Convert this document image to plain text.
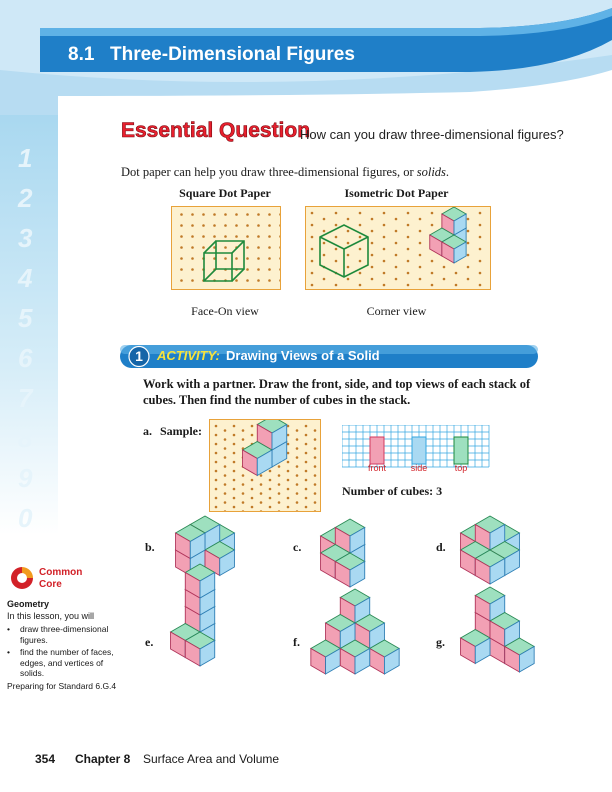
8.1 Three-Dimensional Figures
1
2
3
4
5
6
7
8
9
0
Essential Question
How can you draw three-dimensional figures?
Dot paper can help you draw three-dimensional figures, or solids.
Square Dot Paper	Isometric Dot Paper
Face-On view	Corner view
1	ACTIVITY: Drawing Views of a Solid
Work with a partner. Draw the front, side, and top views of each stack of cubes. Then find the number of cubes in the stack.
a. Sample:
front	side	top
Number of cubes: 3
b.	c.	d.
e.	f.	g.
Common
Core
Geometry
In this lesson, you will
• draw three-dimensional figures.
• find the number of faces, edges, and vertices of solids.
Preparing for Standard 6.G.4
354 Chapter 8 Surface Area and Volume
